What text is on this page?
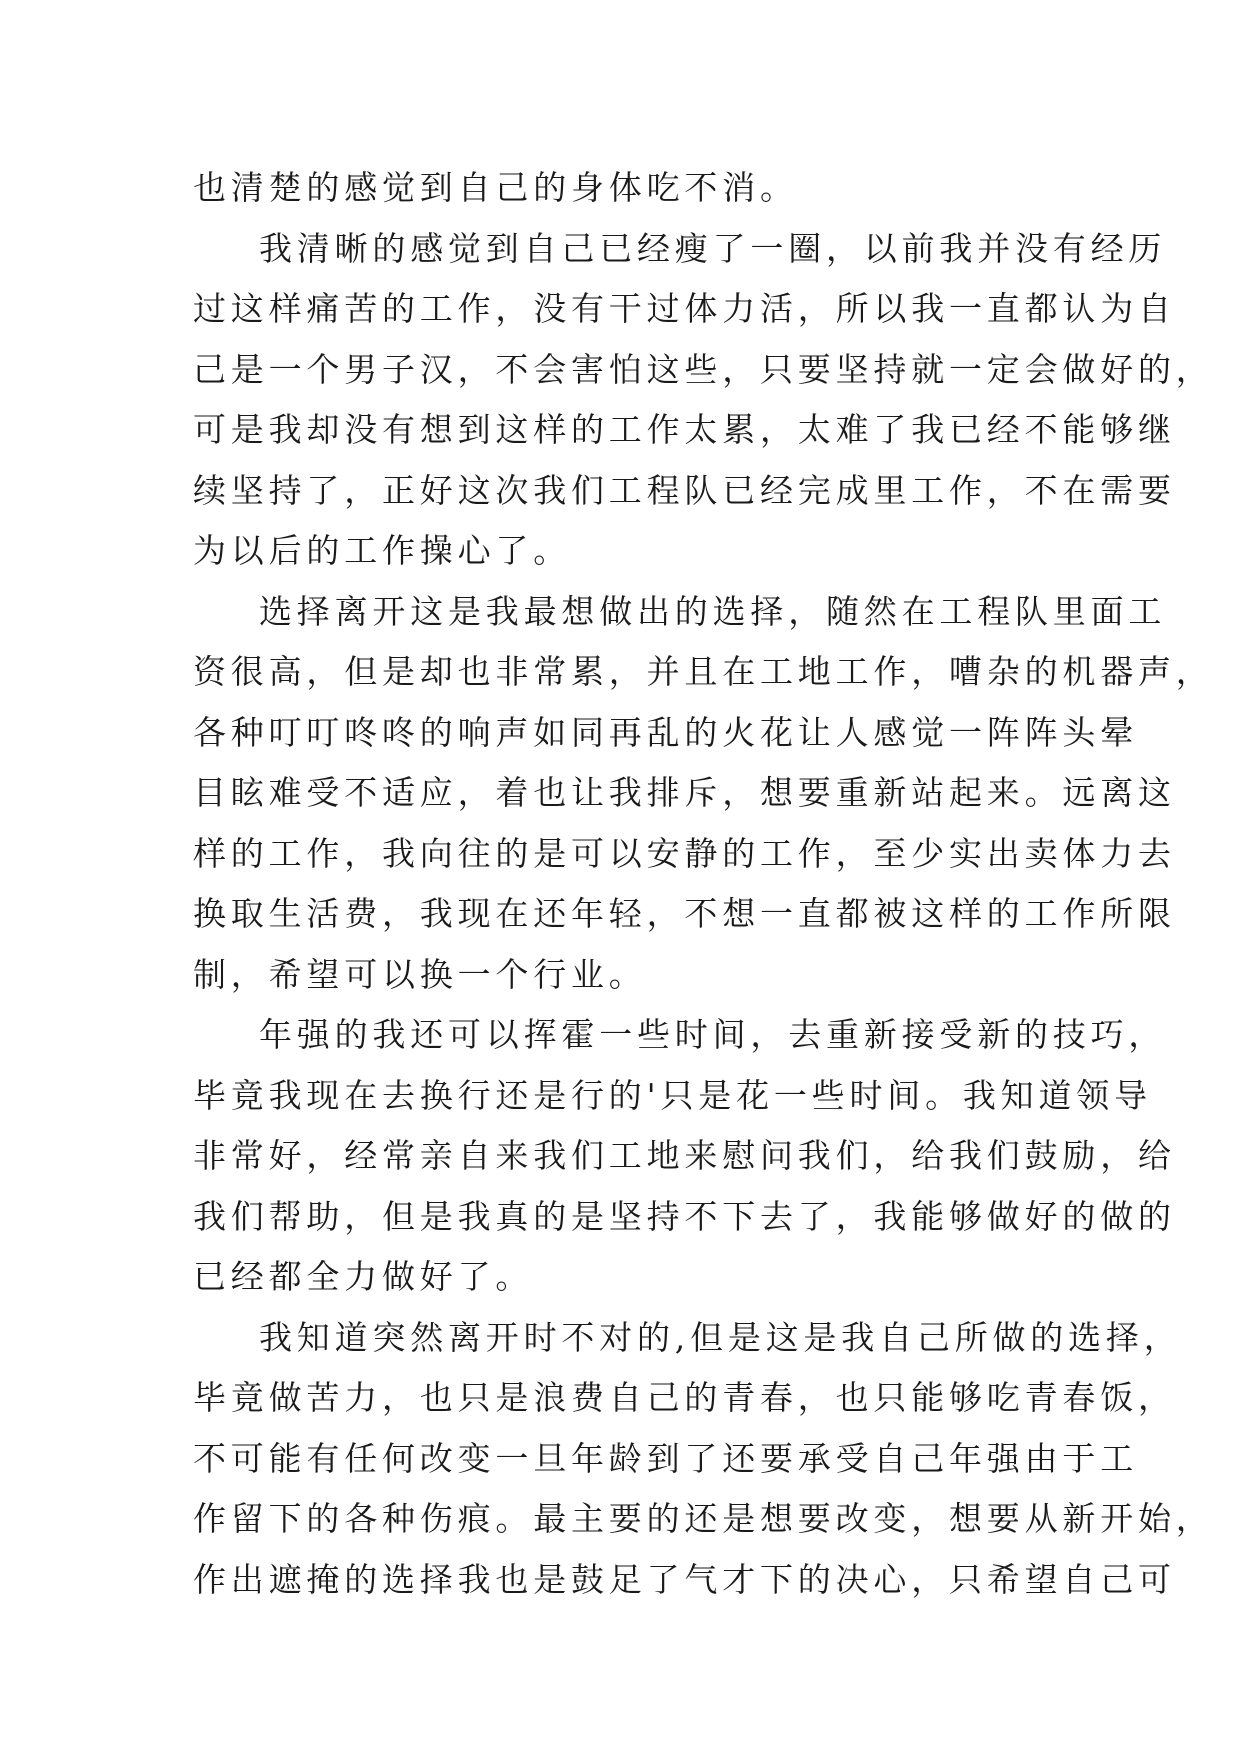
也清楚的感觉到自己的身体吃不消。
我清晰的感觉到自己已经瘦了一圈，以前我并没有经历
过这样痛苦的工作，没有干过体力活，所以我一直都认为自
己是一个男子汉，不会害怕这些，只要坚持就一定会做好的，
可是我却没有想到这样的工作太累，太难了我已经不能够继
续坚持了，正好这次我们工程队已经完成里工作，不在需要
为以后的工作操心了。
选择离开这是我最想做出的选择，随然在工程队里面工
资很高，但是却也非常累，并且在工地工作，嘈杂的机器声，
各种叮叮咚咚的响声如同再乱的火花让人感觉一阵阵头晕
目眩难受不适应，着也让我排斥，想要重新站起来。远离这
样的工作，我向往的是可以安静的工作，至少实出卖体力去
换取生活费，我现在还年轻，不想一直都被这样的工作所限
制，希望可以换一个行业。
年强的我还可以挥霍一些时间，去重新接受新的技巧，
毕竟我现在去换行还是行的'只是花一些时间。我知道领导
非常好，经常亲自来我们工地来慰问我们，给我们鼓励，给
我们帮助，但是我真的是坚持不下去了，我能够做好的做的
已经都全力做好了。
我知道突然离开时不对的,但是这是我自己所做的选择，
毕竟做苦力，也只是浪费自己的青春，也只能够吃青春饭，
不可能有任何改变一旦年龄到了还要承受自己年强由于工
作留下的各种伤痕。最主要的还是想要改变，想要从新开始，
作出遮掩的选择我也是鼓足了气才下的决心，只希望自己可
